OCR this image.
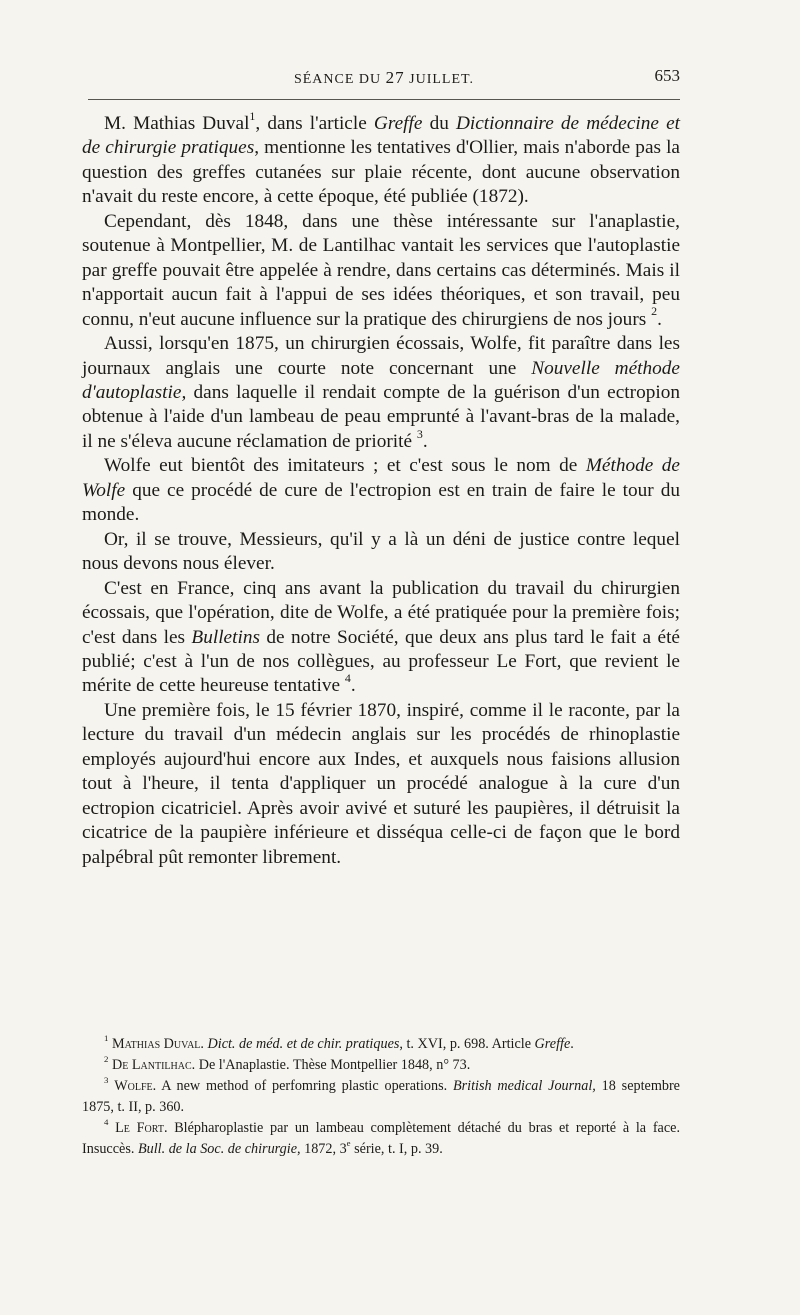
SÉANCE DU 27 JUILLET.	653

M. Mathias Duval$^1$, dans l'article Greffe du Dictionnaire de médecine et de chirurgie pratiques, mentionne les tentatives d'Ollier, mais n'aborde pas la question des greffes cutanées sur plaie récente, dont aucune observation n'avait du reste encore, à cette époque, été publiée (1872).

Cependant, dès 1848, dans une thèse intéressante sur l'anaplastie, soutenue à Montpellier, M. de Lantilhac vantait les services que l'autoplastie par greffe pouvait être appelée à rendre, dans certains cas déterminés. Mais il n'apportait aucun fait à l'appui de ses idées théoriques, et son travail, peu connu, n'eut aucune influence sur la pratique des chirurgiens de nos jours $^2$.

Aussi, lorsqu'en 1875, un chirurgien écossais, Wolfe, fit paraître dans les journaux anglais une courte note concernant une Nouvelle méthode d'autoplastie, dans laquelle il rendait compte de la guérison d'un ectropion obtenue à l'aide d'un lambeau de peau emprunté à l'avant-bras de la malade, il ne s'éleva aucune réclamation de priorité $^3$.

Wolfe eut bientôt des imitateurs ; et c'est sous le nom de Méthode de Wolfe que ce procédé de cure de l'ectropion est en train de faire le tour du monde.

Or, il se trouve, Messieurs, qu'il y a là un déni de justice contre lequel nous devons nous élever.

C'est en France, cinq ans avant la publication du travail du chirurgien écossais, que l'opération, dite de Wolfe, a été pratiquée pour la première fois; c'est dans les Bulletins de notre Société, que deux ans plus tard le fait a été publié; c'est à l'un de nos collègues, au professeur Le Fort, que revient le mérite de cette heureuse tentative $^4$.

Une première fois, le 15 février 1870, inspiré, comme il le raconte, par la lecture du travail d'un médecin anglais sur les procédés de rhinoplastie employés aujourd'hui encore aux Indes, et auxquels nous faisions allusion tout à l'heure, il tenta d'appliquer un procédé analogue à la cure d'un ectropion cicatriciel. Après avoir avivé et suturé les paupières, il détruisit la cicatrice de la paupière inférieure et disséqua celle-ci de façon que le bord palpébral pût remonter librement.

$^1$ Mathias Duval. Dict. de méd. et de chir. pratiques, t. XVI, p. 698. Article Greffe.

$^2$ De Lantilhac. De l'Anaplastie. Thèse Montpellier 1848, n° 73.

$^3$ Wolfe. A new method of perfomring plastic operations. British medical Journal, 18 septembre 1875, t. II, p. 360.

$^4$ Le Fort. Blépharoplastie par un lambeau complètement détaché du bras et reporté à la face. Insuccès. Bull. de la Soc. de chirurgie, 1872, 3e série, t. I, p. 39.
